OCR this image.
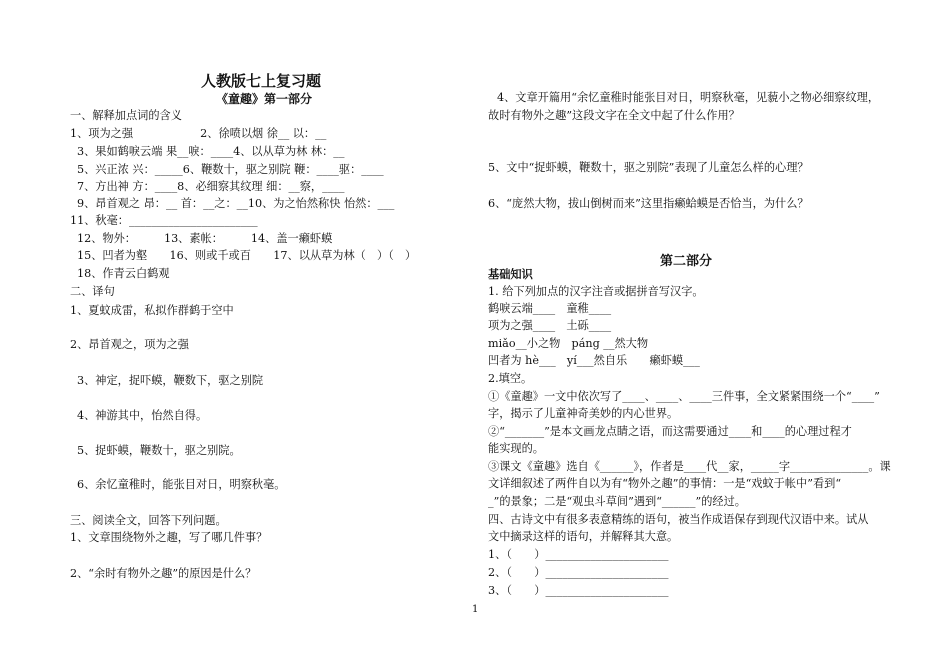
人教版七上复习题
《童趣》第一部分
一、解释加点词的含义
1、项为之强　　　　　　2、徐喷以烟 徐__ 以：__
3、果如鹤唳云端 果__唳：____4、以从草为林 林：__
5、兴正浓 兴：_____6、鞭数十，驱之别院 鞭：____驱：____
7、方出神 方：____8、必细察其纹理 细：__察，____
9、昂首观之 昂：__ 首：__之：__10、为之怡然称快 怡然：___
11、秋毫：_______________________
12、物外：　　　13、素帐：　　　14、盖一癞虾蟆
15、凹者为壑　　16、则或千或百　　17、以从草为林（　）（　）
18、作青云白鹤观
二、译句
1、夏蚊成雷，私拟作群鹤于空中
2、昂首观之，项为之强
3、神定，捉吓蟆，鞭数下，驱之别院
4、神游其中，怡然自得。
5、捉虾蟆，鞭数十，驱之别院。
6、余忆童稚时，能张目对日，明察秋毫。
三、阅读全文，回答下列问题。
1、文章围绕物外之趣，写了哪几件事？
2、“余时有物外之趣”的原因是什么？
4、文章开篇用“余忆童稚时能张目对日，明察秋毫，见藐小之物必细察纹理，
故时有物外之趣”这段文字在全文中起了什么作用？
5、文中“捉虾蟆，鞭数十，驱之别院”表现了儿童怎么样的心理？
6、“庞然大物，拔山倒树而来”这里指癞蛤蟆是否恰当，为什么？
第二部分
基础知识
1. 给下列加点的汉字注音或据拼音写汉字。
鹤唳云端____　童稚____
项为之强____　土砾____
miǎo__小之物　páng __然大物
凹者为 hè___　yí___然自乐　　癞虾蟆___
2.填空。
①《童趣》一文中依次写了____、____、____三件事，全文紧紧围绕一个“____”
字，揭示了儿童神奇美妙的内心世界。
②“_______”是本文画龙点睛之语，而这需要通过____和____的心理过程才
能实现的。
③课文《童趣》选自《______》，作者是____代__家，_____字______________。课
文详细叙述了两件自以为有“物外之趣”的事情：一是“戏蚊于帐中”看到“
_”的景象；二是“观虫斗草间”遇到“______”的经过。
四、古诗文中有很多表意精练的语句，被当作成语保存到现代汉语中来。试从
文中摘录这样的语句，并解释其大意。
1、（　　）______________________
2、（　　）______________________
3、（　　）______________________
1
